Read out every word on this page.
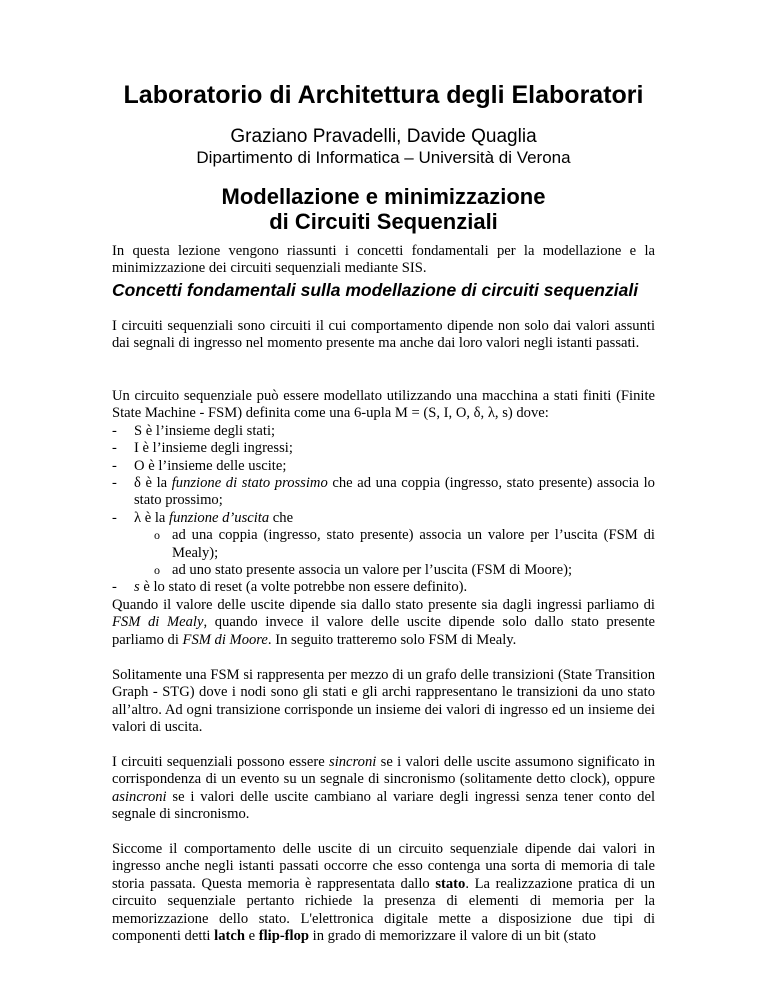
Laboratorio di Architettura degli Elaboratori
Graziano Pravadelli, Davide Quaglia
Dipartimento di Informatica – Università di Verona
Modellazione e minimizzazione
di Circuiti Sequenziali

In questa lezione vengono riassunti i concetti fondamentali per la modellazione e la minimizzazione dei circuiti sequenziali mediante SIS.

Concetti fondamentali sulla modellazione di circuiti sequenziali

I circuiti sequenziali sono circuiti il cui comportamento dipende non solo dai valori assunti dai segnali di ingresso nel momento presente ma anche dai loro valori negli istanti passati.

Un circuito sequenziale può essere modellato utilizzando una macchina a stati finiti (Finite State Machine - FSM) definita come una 6-upla M = (S, I, O, δ, λ, s) dove:

- S è l’insieme degli stati;
- I è l’insieme degli ingressi;
- O è l’insieme delle uscite;
- δ è la funzione di stato prossimo che ad una coppia (ingresso, stato presente) associa lo stato prossimo;
- λ è la funzione d’uscita che
o ad una coppia (ingresso, stato presente) associa un valore per l’uscita (FSM di Mealy);
o ad uno stato presente associa un valore per l’uscita (FSM di Moore);
- s è lo stato di reset (a volte potrebbe non essere definito).

Quando il valore delle uscite dipende sia dallo stato presente sia dagli ingressi parliamo di FSM di Mealy, quando invece il valore delle uscite dipende solo dallo stato presente parliamo di FSM di Moore. In seguito tratteremo solo FSM di Mealy.

Solitamente una FSM si rappresenta per mezzo di un grafo delle transizioni (State Transition Graph - STG) dove i nodi sono gli stati e gli archi rappresentano le transizioni da uno stato all’altro. Ad ogni transizione corrisponde un insieme dei valori di ingresso ed un insieme dei valori di uscita.

I circuiti sequenziali possono essere sincroni se i valori delle uscite assumono significato in corrispondenza di un evento su un segnale di sincronismo (solitamente detto clock), oppure asincroni se i valori delle uscite cambiano al variare degli ingressi senza tener conto del segnale di sincronismo.

Siccome il comportamento delle uscite di un circuito sequenziale dipende dai valori in ingresso anche negli istanti passati occorre che esso contenga una sorta di memoria di tale storia passata. Questa memoria è rappresentata dallo stato. La realizzazione pratica di un circuito sequenziale pertanto richiede la presenza di elementi di memoria per la memorizzazione dello stato. L'elettronica digitale mette a disposizione due tipi di componenti detti latch e flip-flop in grado di memorizzare il valore di un bit (stato
